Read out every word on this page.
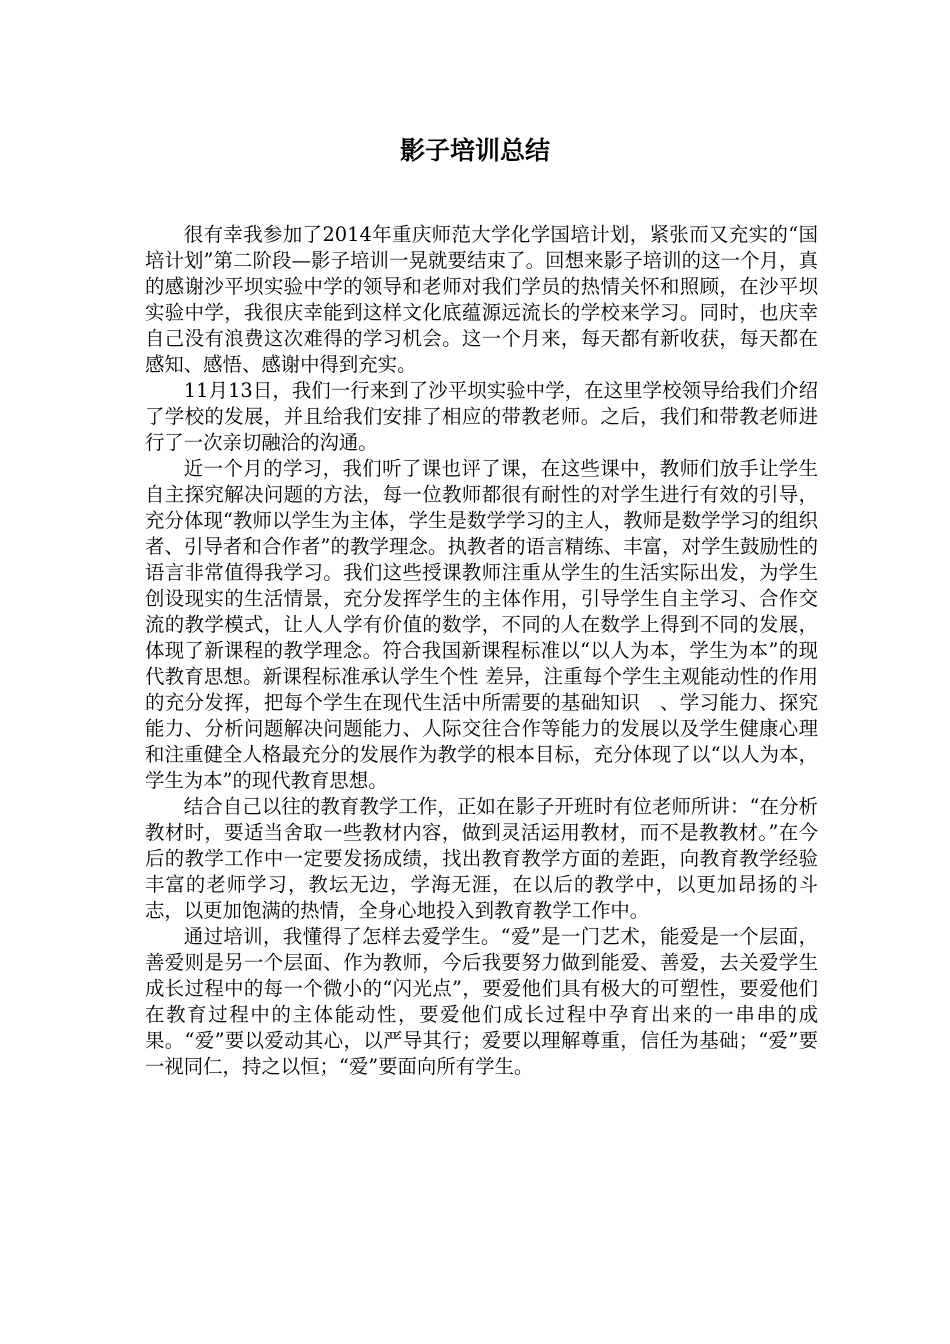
影子培训总结

很有幸我参加了2014年重庆师范大学化学国培计划，紧张而又充实的“国培计划”第二阶段—影子培训一晃就要结束了。回想来影子培训的这一个月，真的感谢沙平坝实验中学的领导和老师对我们学员的热情关怀和照顾，在沙平坝实验中学，我很庆幸能到这样文化底蕴源远流长的学校来学习。同时，也庆幸自己没有浪费这次难得的学习机会。这一个月来，每天都有新收获，每天都在感知、感悟、感谢中得到充实。

11月13日，我们一行来到了沙平坝实验中学，在这里学校领导给我们介绍了学校的发展，并且给我们安排了相应的带教老师。之后，我们和带教老师进行了一次亲切融洽的沟通。

近一个月的学习，我们听了课也评了课，在这些课中，教师们放手让学生自主探究解决问题的方法，每一位教师都很有耐性的对学生进行有效的引导，充分体现“教师以学生为主体，学生是数学学习的主人，教师是数学学习的组织者、引导者和合作者”的教学理念。执教者的语言精练、丰富，对学生鼓励性的语言非常值得我学习。我们这些授课教师注重从学生的生活实际出发，为学生创设现实的生活情景，充分发挥学生的主体作用，引导学生自主学习、合作交流的教学模式，让人人学有价值的数学，不同的人在数学上得到不同的发展，体现了新课程的教学理念。符合我国新课程标准以“以人为本，学生为本”的现代教育思想。新课程标准承认学生个性 差异，注重每个学生主观能动性的作用的充分发挥，把每个学生在现代生活中所需要的基础知识　、学习能力、探究能力、分析问题解决问题能力、人际交往合作等能力的发展以及学生健康心理和注重健全人格最充分的发展作为教学的根本目标，充分体现了以“以人为本，学生为本”的现代教育思想。

结合自己以往的教育教学工作，正如在影子开班时有位老师所讲：“在分析教材时，要适当舍取一些教材内容，做到灵活运用教材，而不是教教材。”在今后的教学工作中一定要发扬成绩，找出教育教学方面的差距，向教育教学经验丰富的老师学习，教坛无边，学海无涯，在以后的教学中，以更加昂扬的斗志，以更加饱满的热情，全身心地投入到教育教学工作中。

通过培训，我懂得了怎样去爱学生。“爱”是一门艺术，能爱是一个层面，善爱则是另一个层面、作为教师，今后我要努力做到能爱、善爱，去关爱学生成长过程中的每一个微小的“闪光点”，要爱他们具有极大的可塑性，要爱他们在教育过程中的主体能动性，要爱他们成长过程中孕育出来的一串串的成果。“爱”要以爱动其心，以严导其行；爱要以理解尊重，信任为基础；“爱”要一视同仁，持之以恒；“爱”要面向所有学生。
